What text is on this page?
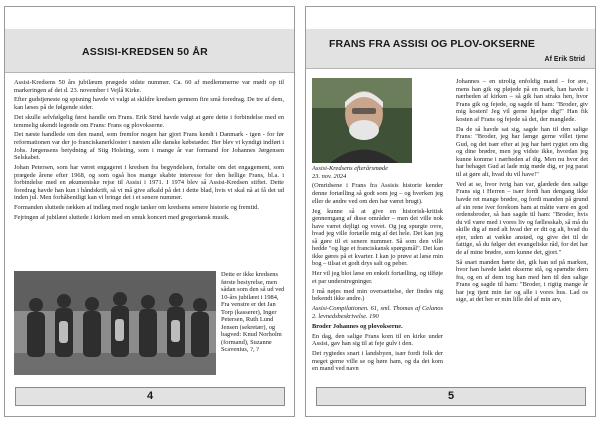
ASSISI-KREDSEN 50 ÅR

Assisi-Kredsens 50 års jubilæum prægede sidste nummer. Ca. 60 af medlemmerne var mødt op til markeringen af det d. 23. november i Vejlå Kirke.

Efter gudstjeneste og spisning havde vi valgt at skildre kredsen gennem fire små foredrag. De tre af dem, kan læses på de følgende sider.

Det skulle selvfølgelig først handle om Frans. Erik Strid havde valgt at gøre dette i forbindelse med en temmelig ukendt legende om Frans: Frans og plovokserne.

Det næste handlede om den mand, som fremfor nogen har gjort Frans kendt i Danmark - igen - for før reformationen var der jo franciskanerkloster i næsten alle danske købstæder. Her blev vi kyndigt indført i Johs. Jørgensens betydning af Stig Holsting, som i mange år var formand for Johannes Jørgensen Selskabet.

Johan Petersen, som har været engageret i kredsen fra begyndelsen, fortalte om det engagement, som prægede årene efter 1968, og som også hos mange skabte interesse for den hellige Frans, bl.a. i forbindelse med en økumeniske rejse til Assisi i 1971. I 1974 blev så Assisi-Kredsen stiftet. Dette foredrag havde han kun i håndskrift, så vi må give afkald på det i dette blad, hvis vi skal nå at få det ud inden jul. Men forhåbentligt kan vi bringe det i et senere nummer.

Formanden sluttede rækken af indlæg med nogle tanker om kredsens senere historie og fremtid.

Fejringen af jubilæet sluttede i kirken med en smuk koncert med gregoriansk musik.

Dette er ikke kredsens første bestyrelse, men sådan som den så ud ved 10-års jubilæet i 1984, Fra venstre er det Jan Torp (kasserer), Inger Petersen, Ruth Lund Jensen (sekretær), og bagved: Knud Norholm (formand), Suzanne Scavenius, ?, ?

4
FRANS FRA ASSISI OG PLOV-OKSERNE
Af Erik Strid

Assisi-Kredsens efterårsmøde

23. nov. 2024

(Omridsene i Frans fra Assisis historie kender denne fortælling så godt som jeg – og hverken jeg eller de andre ved om den har været brugt).

Jeg kunne så at give en historisk-kritisk gennemgang af disse områder – men det ville nok have været dejligt og vovet. Og jeg spurgte ovre, hvad jeg ville fortælle mig af det hele. Det kan jeg så gøre til et senere nummer. Så som den ville hedde "og lige et franciskansk spørgsmål". Det kan ikke gøres på et kvarter. I kan jo prøve at læse min bog – tilsat et godt drys salt og peber.

Her vil jeg blot læse en enkelt fortælling, og tilføje et par understregninger.

I må nøjes med min oversættelse, der findes nig bekendt ikke andre.)

Assisi-Compilationen. 61, sml. Thomas af Celanos 2. levnedsbeskrivelse. 190

Broder Johannes og plovokserne.

En dag, den salige Frans kom til en kirke under Assisi, gav han sig til at feje gulv i den.

Det rygtedes snart i landsbyen, især fordi folk der meget gerne ville se og høre ham, og da det kom en mand ved navn

Johannes – en utrolig enfoldig mand – for øre, mens han gik og pløjede på en mark, han havde i nærheden af kirken – så gik han straks hen, hvor Frans gik og fejede, og sagde til ham: "Broder, giv mig kosten! Jeg vil gerne hjælpe dig!" Han fik kosten af Frans og fejede så det, der manglede.

Da de så havde sat sig, sagde han til den salige Frans: "Broder, jeg har længe gerne villet tjene Gud, og det især efter at jeg har hørt rygtet om dig og dine brødre, men jeg vidste ikke, hvordan jeg kunne komme i nærheden af dig. Men nu hvor det har behaget Gud at lade mig møde dig, er jeg parat til at gøre alt, hvad du vil have!"

Ved at se, hvor ivrig han var, glædede den salige Frans sig i Herren – især fordi han dengang ikke havde ret mange brødre, og fordi manden på grund af sin rene iver forekom ham at måtte være en god ordensbroder, så han sagde til ham: "Broder, hvis du vil være med i vores liv og fællesskab, så må du skille dig af med alt hvad der er dit og alt, hvad du ejer, uden at vække anstød, og give det til de fattige, så du følger det evangeliske råd, for det har de af mine brødre, som kunne det, gjort."

Så snart manden hørte det, gik han ud på marken, hvor han havde ladet okserne stå, og spændte dem fra, og en af dem tog han med hen til den salige Frans og sagde til ham: "Broder, i rigtig mange år har jeg tjent min far og alle i vores hus. Lad os sige, at det her er min lille del af min arv,

5
